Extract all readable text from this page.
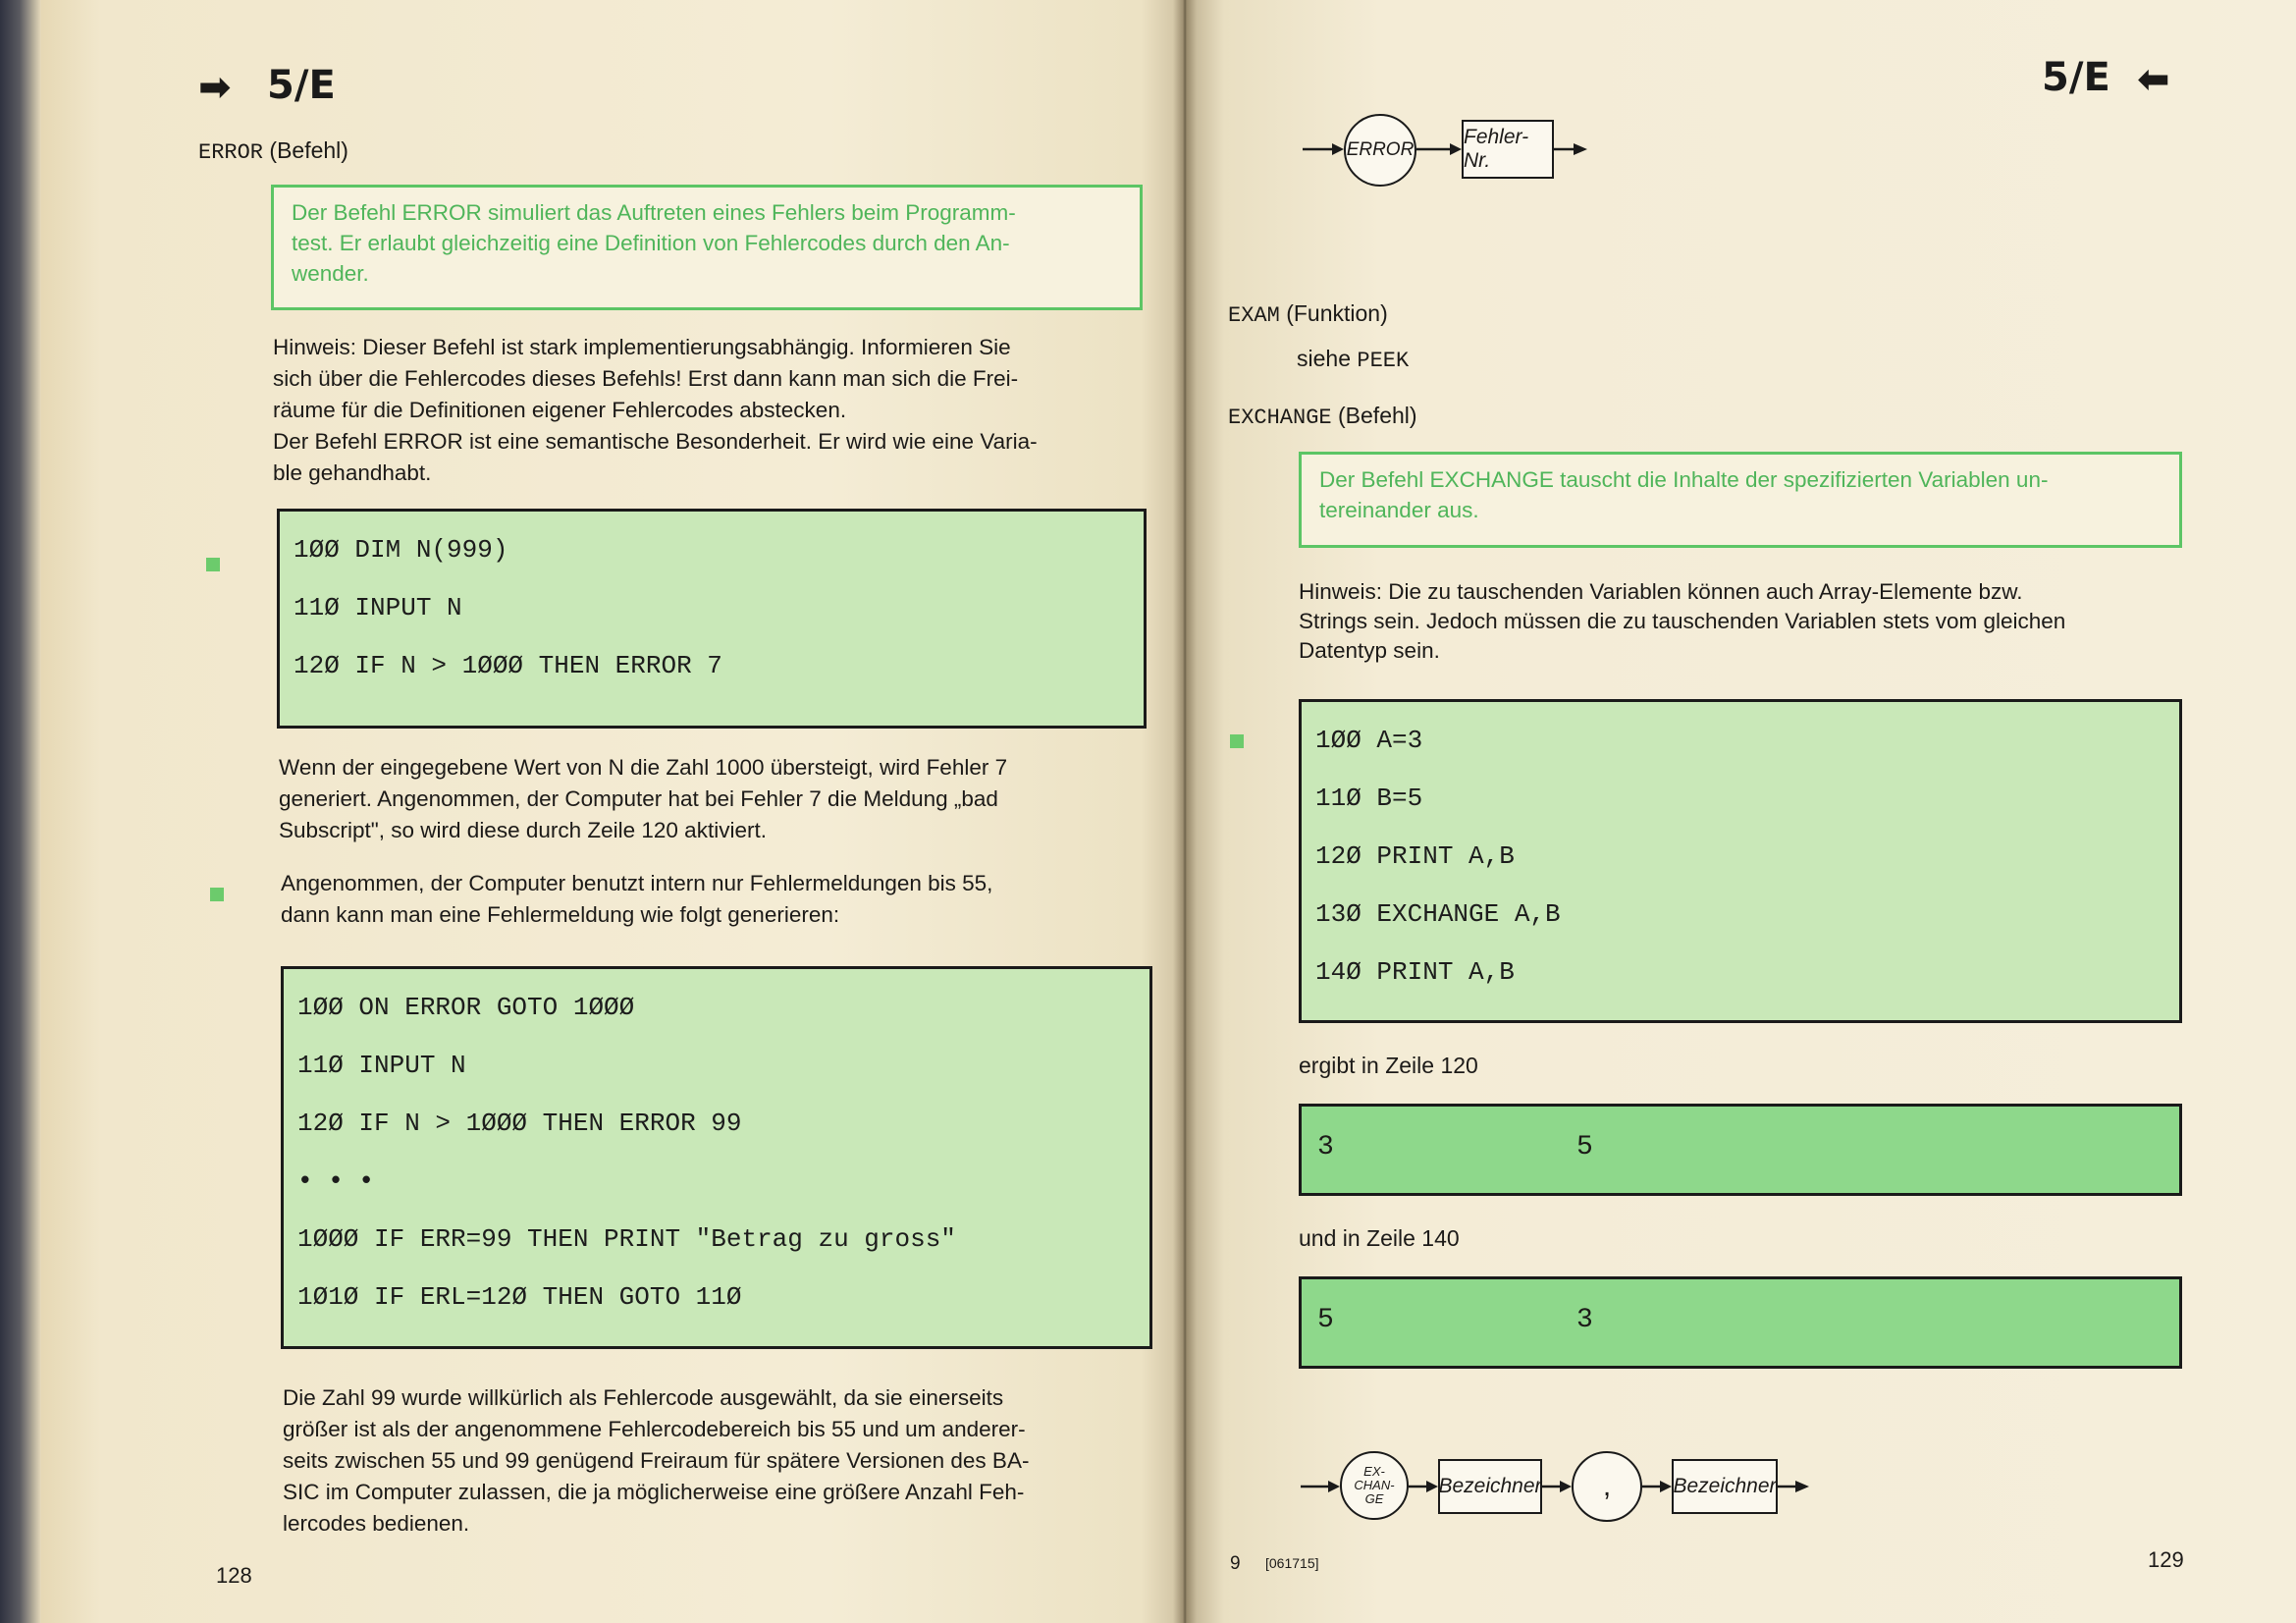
➡ 5/E
ERROR (Befehl)
Der Befehl ERROR simuliert das Auftreten eines Fehlers beim Programm-
test. Er erlaubt gleichzeitig eine Definition von Fehlercodes durch den An-
wender.
Hinweis: Dieser Befehl ist stark implementierungsabhängig. Informieren Sie
sich über die Fehlercodes dieses Befehls! Erst dann kann man sich die Frei-
räume für die Definitionen eigener Fehlercodes abstecken.
Der Befehl ERROR ist eine semantische Besonderheit. Er wird wie eine Varia-
ble gehandhabt.
1ØØ DIM N(999)
11Ø INPUT N
12Ø IF N > 1ØØØ THEN ERROR 7
Wenn der eingegebene Wert von N die Zahl 1000 übersteigt, wird Fehler 7
generiert. Angenommen, der Computer hat bei Fehler 7 die Meldung „bad
Subscript", so wird diese durch Zeile 120 aktiviert.
Angenommen, der Computer benutzt intern nur Fehlermeldungen bis 55,
dann kann man eine Fehlermeldung wie folgt generieren:
1ØØ ON ERROR GOTO 1ØØØ
11Ø INPUT N
12Ø IF N > 1ØØØ THEN ERROR 99
• • •
1ØØØ IF ERR=99 THEN PRINT "Betrag zu gross"
1Ø1Ø IF ERL=12Ø THEN GOTO 11Ø
Die Zahl 99 wurde willkürlich als Fehlercode ausgewählt, da sie einerseits
größer ist als der angenommene Fehlercodebereich bis 55 und um anderer-
seits zwischen 55 und 99 genügend Freiraum für spätere Versionen des BA-
SIC im Computer zulassen, die ja möglicherweise eine größere Anzahl Feh-
lercodes bedienen.
128
5/E ⬅
ERROR
Fehler-Nr.
EXAM (Funktion)
siehe PEEK
EXCHANGE (Befehl)
Der Befehl EXCHANGE tauscht die Inhalte der spezifizierten Variablen un-
tereinander aus.
Hinweis: Die zu tauschenden Variablen können auch Array-Elemente bzw.
Strings sein. Jedoch müssen die zu tauschenden Variablen stets vom gleichen
Datentyp sein.
1ØØ A=3
11Ø B=5
12Ø PRINT A,B
13Ø EXCHANGE A,B
14Ø PRINT A,B
ergibt in Zeile 120
3	5
und in Zeile 140
5	3
EX-
CHAN-
GE
Bezeichner	,	Bezeichner
9 [061715]	129
